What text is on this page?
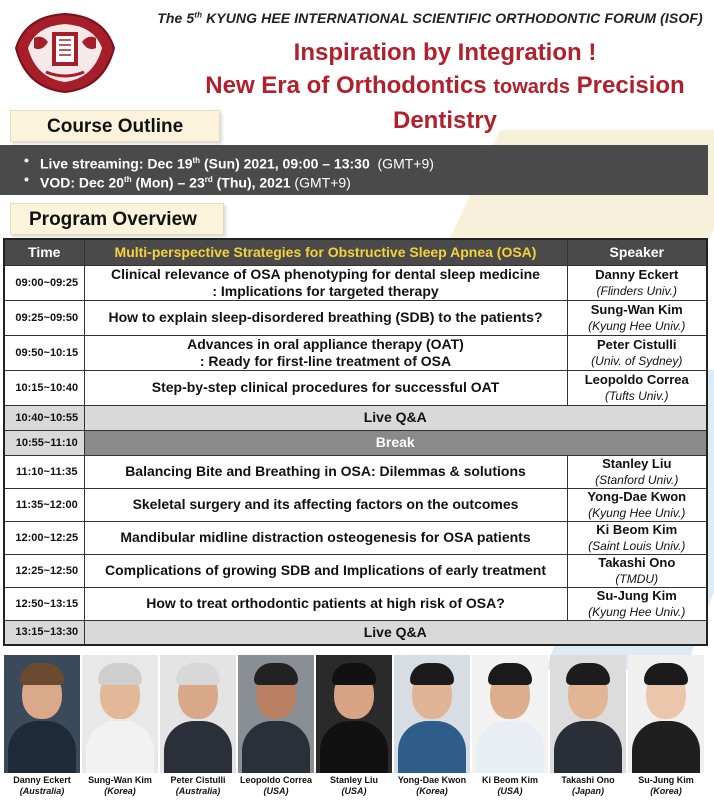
The 5th KYUNG HEE INTERNATIONAL SCIENTIFIC ORTHODONTIC FORUM (ISOF)
Inspiration by Integration !
New Era of Orthodontics towards Precision Dentistry
Course Outline
• Live streaming: Dec 19th (Sun) 2021, 09:00 – 13:30 (GMT+9)
• VOD: Dec 20th (Mon) – 23rd (Thu), 2021 (GMT+9)
Program Overview
Time	Multi-perspective Strategies for Obstructive Sleep Apnea (OSA)	Speaker
09:00~09:25	Clinical relevance of OSA phenotyping for dental sleep medicine
: Implications for targeted therapy	Danny Eckert
(Flinders Univ.)

09:25~09:50	How to explain sleep-disordered breathing (SDB) to the patients?	Sung-Wan Kim
(Kyung Hee Univ.)

09:50~10:15	Advances in oral appliance therapy (OAT)
: Ready for first-line treatment of OSA	Peter Cistulli
(Univ. of Sydney)

10:15~10:40	Step-by-step clinical procedures for successful OAT	Leopoldo Correa
(Tufts Univ.)

10:40~10:55	Live Q&A	
10:55~11:10	Break	
11:10~11:35	Balancing Bite and Breathing in OSA: Dilemmas & solutions	Stanley Liu
(Stanford Univ.)

11:35~12:00	Skeletal surgery and its affecting factors on the outcomes	Yong-Dae Kwon
(Kyung Hee Univ.)

12:00~12:25	Mandibular midline distraction osteogenesis for OSA patients	Ki Beom Kim
(Saint Louis Univ.)

12:25~12:50	Complications of growing SDB and Implications of early treatment	Takashi Ono
(TMDU)

12:50~13:15	How to treat orthodontic patients at high risk of OSA?	Su-Jung Kim
(Kyung Hee Univ.)

13:15~13:30	Live Q&A	
Danny Eckert
(Australia)
Sung-Wan Kim
(Korea)
Peter Cistulli
(Australia)
Leopoldo Correa
(USA)
Stanley Liu
(USA)
Yong-Dae Kwon
(Korea)
Ki Beom Kim
(USA)
Takashi Ono
(Japan)
Su-Jung Kim
(Korea)
